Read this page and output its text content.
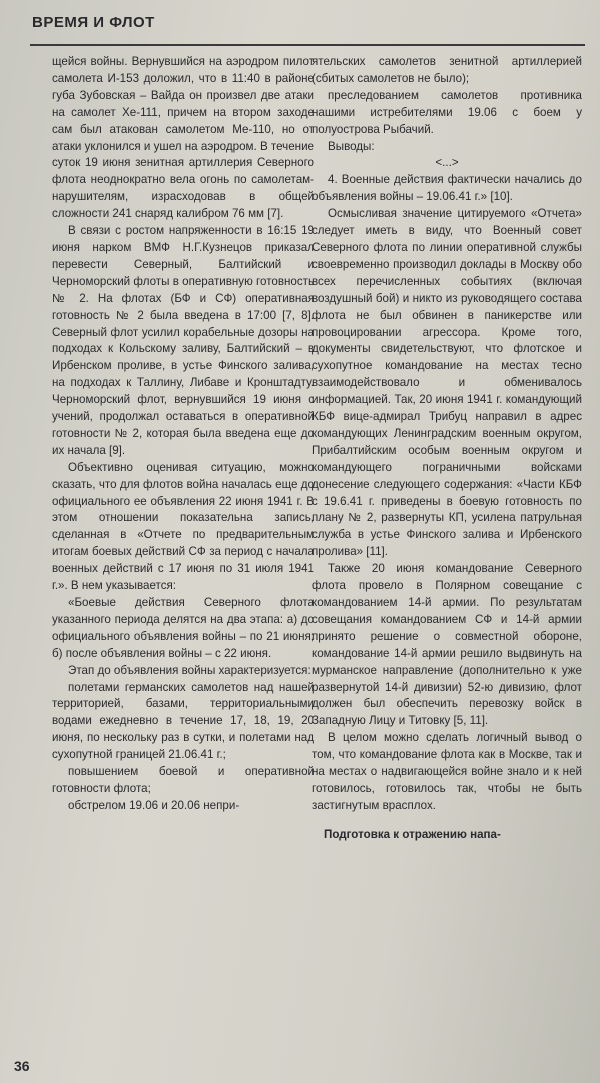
ВРЕМЯ И ФЛОТ

щейся войны. Вернувшийся на аэродром пилот самолета И-153 доложил, что в 11:40 в районе губа Зубовская – Вайда он произвел две атаки на самолет Хе-111, причем на втором заходе сам был атакован самолетом Ме-110, но от атаки уклонился и ушел на аэродром. В течение суток 19 июня зенитная артиллерия Северного флота неоднократно вела огонь по самолетам-нарушителям, израсходовав в общей сложности 241 снаряд калибром 76 мм [7].

В связи с ростом напряженности в 16:15 19 июня нарком ВМФ Н.Г.Кузнецов приказал перевести Северный, Балтийский и Черноморский флоты в оперативную готовность № 2. На флотах (БФ и СФ) оперативная готовность № 2 была введена в 17:00 [7, 8]. Северный флот усилил корабельные дозоры на подходах к Кольскому заливу, Балтийский – в Ирбенском проливе, в устье Финского залива, на подходах к Таллину, Либаве и Кронштадту. Черноморский флот, вернувшийся 19 июня с учений, продолжал оставаться в оперативной готовности № 2, которая была введена еще до их начала [9].

Объективно оценивая ситуацию, можно сказать, что для флотов война началась еще до официального ее объявления 22 июня 1941 г. В этом отношении показательна запись, сделанная в «Отчете по предварительным итогам боевых действий СФ за период с начала военных действий с 17 июня по 31 июля 1941 г.». В нем указывается:

«Боевые действия Северного флота указанного периода делятся на два этапа: а) до официального объявления войны – по 21 июня; б) после объявления войны – с 22 июня.

Этап до объявления войны характеризуется:

полетами германских самолетов над нашей территорией, базами, территориальными водами ежедневно в течение 17, 18, 19, 20 июня, по нескольку раз в сутки, и полетами над сухопутной границей 21.06.41 г.;

повышением боевой и оперативной готовности флота;

обстрелом 19.06 и 20.06 непри-

ятельских самолетов зенитной артиллерией (сбитых самолетов не было);

преследованием самолетов противника нашими истребителями 19.06 с боем у полуострова Рыбачий.

Выводы:

<...>

4. Военные действия фактически начались до объявления войны – 19.06.41 г.» [10].

Осмысливая значение цитируемого «Отчета» следует иметь в виду, что Военный совет Северного флота по линии оперативной службы своевременно производил доклады в Москву обо всех перечисленных событиях (включая воздушный бой) и никто из руководящего состава флота не был обвинен в паникерстве или провоцировании агрессора. Кроме того, документы свидетельствуют, что флотское и сухопутное командование на местах тесно взаимодействовало и обменивалось информацией. Так, 20 июня 1941 г. командующий КБФ вице-адмирал Трибуц направил в адрес командующих Ленинградским военным округом, Прибалтийским особым военным округом и командующего пограничными войсками донесение следующего содержания: «Части КБФ с 19.6.41 г. приведены в боевую готовность по плану № 2, развернуты КП, усилена патрульная служба в устье Финского залива и Ирбенского пролива» [11].

Также 20 июня командование Северного флота провело в Полярном совещание с командованием 14-й армии. По результатам совещания командованием СФ и 14-й армии принято решение о совместной обороне, командование 14-й армии решило выдвинуть на мурманское направление (дополнительно к уже развернутой 14-й дивизии) 52-ю дивизию, флот должен был обеспечить перевозку войск в Западную Лицу и Титовку [5, 11].

В целом можно сделать логичный вывод о том, что командование флота как в Москве, так и на местах о надвигающейся войне знало и к ней готовилось, готовилось так, чтобы не быть застигнутым врасплох.

Подготовка к отражению напа-

36
